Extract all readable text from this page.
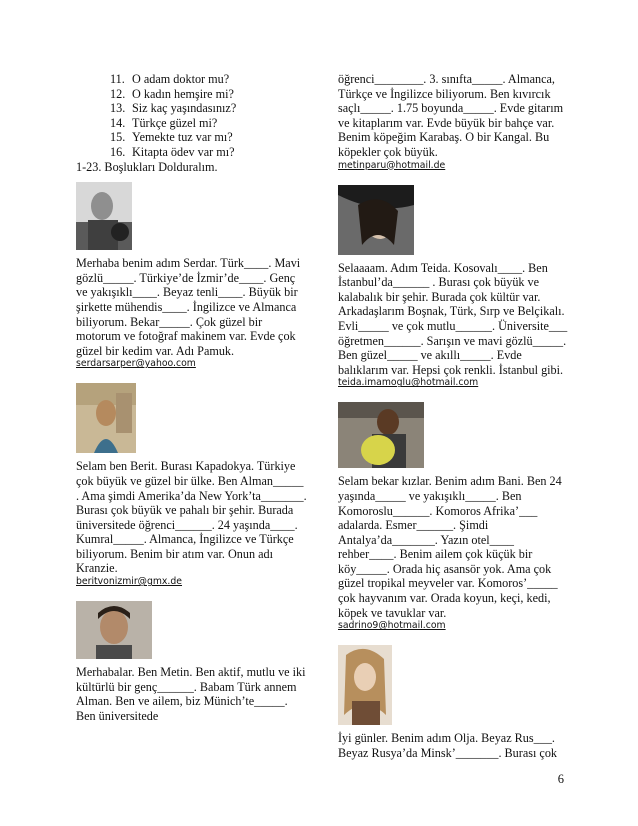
11. O adam doktor mu?
12. O kadın hemşire mi?
13. Siz kaç yaşındasınız?
14. Türkçe güzel mi?
15. Yemekte tuz var mı?
16. Kitapta ödev var mı?
1-23. Boşlukları Dolduralım.
Merhaba benim adım Serdar. Türk____. Mavi gözlü_____. Türkiye’de İzmir’de____. Genç ve yakışıklı____. Beyaz tenli____. Büyük bir şirkette mühendis____. İngilizce ve Almanca biliyorum. Bekar_____. Çok güzel bir motorum ve fotoğraf makinem var. Evde çok güzel bir kedim var. Adı Pamuk.
serdarsarper@yahoo.com
Selam ben Berit. Burası Kapadokya. Türkiye çok büyük ve güzel bir ülke. Ben Alman_____ . Ama şimdi Amerika’da New York’ta_______. Burası çok büyük ve pahalı bir şehir. Burada üniversitede öğrenci______. 24 yaşında____. Kumral_____. Almanca, İngilizce ve Türkçe biliyorum. Benim bir atım var. Onun adı Kranzie.
beritvonizmir@gmx.de
Merhabalar. Ben Metin. Ben aktif, mutlu ve iki kültürlü bir genç______. Babam Türk annem Alman. Ben ve ailem, biz Münich’te_____. Ben üniversitede
öğrenci________. 3. sınıfta_____. Almanca, Türkçe ve İngilizce biliyorum. Ben kıvırcık saçlı_____. 1.75 boyunda_____. Evde gitarım ve kitaplarım var. Evde büyük bir bahçe var. Benim köpeğim Karabaş. O bir Kangal. Bu köpekler çok büyük.
metinparu@hotmail.de
Selaaaam. Adım Teida. Kosovalı____. Ben İstanbul’da______ . Burası çok büyük ve kalabalık bir şehir. Burada çok kültür var. Arkadaşlarım Boşnak, Türk, Sırp ve Belçikalı. Evli_____ ve çok mutlu______. Üniversite___ öğretmen______. Sarışın ve mavi gözlü_____. Ben güzel_____ ve akıllı_____. Evde balıklarım var. Hepsi çok renkli. İstanbul gibi.
teida.imamoglu@hotmail.com
Selam bekar kızlar. Benim adım Bani. Ben 24 yaşında_____ ve yakışıklı_____. Ben Komoroslu______. Komoros Afrika’___ adalarda. Esmer______. Şimdi Antalya’da_______. Yazın otel____ rehber____. Benim ailem çok küçük bir köy_____. Orada hiç asansör yok. Ama çok güzel tropikal meyveler var. Komoros’_____ çok hayvanım var. Orada koyun, keçi, kedi, köpek ve tavuklar var.
sadrino9@hotmail.com
İyi günler. Benim adım Olja. Beyaz Rus___. Beyaz Rusya’da Minsk’_______. Burası çok
6
